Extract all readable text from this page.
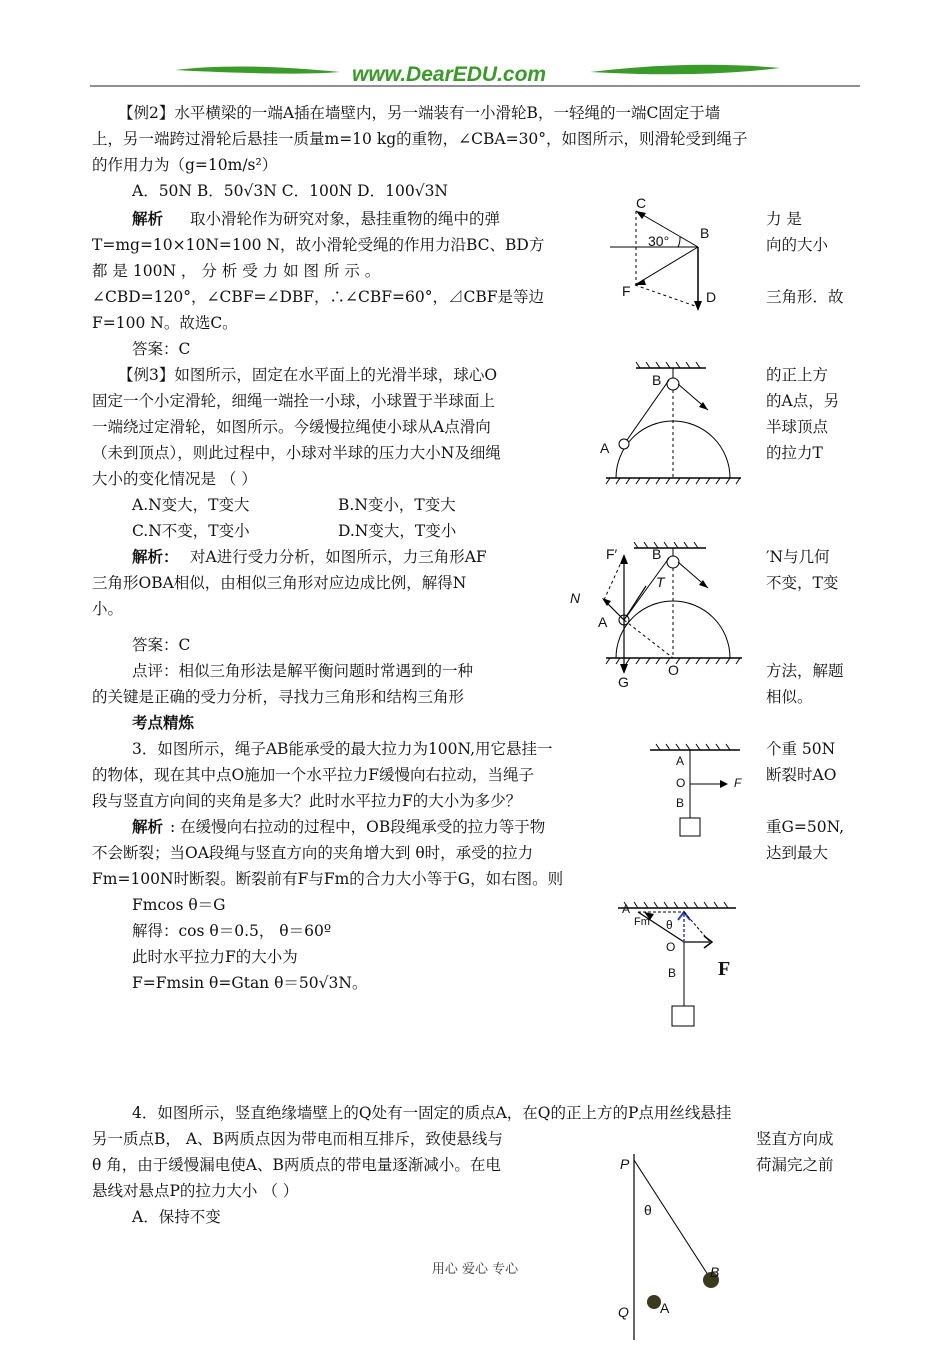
www.DearEDU.com
【例2】水平横梁的一端A插在墙壁内，另一端装有一小滑轮B，一轻绳的一端C固定于墙
上，另一端跨过滑轮后悬挂一质量m=10 kg的重物，∠CBA=30°，如图所示，则滑轮受到绳子
的作用力为（g=10m/s²）
A．50N B．50√3N C．100N D．100√3N
解析 取小滑轮作为研究对象，悬挂重物的绳中的弹	力 是
T=mg=10×10N=100 N，故小滑轮受绳的作用力沿BC、BD方	向的大小
都 是 100N ， 分 析 受 力 如 图 所 示 。
∠CBD=120°，∠CBF=∠DBF，∴∠CBF=60°，⊿CBF是等边	三角形．故
F=100 N。故选C。
答案：C
C
B
30°
F	D
【例3】如图所示，固定在水平面上的光滑半球，球心O	的正上方
固定一个小定滑轮，细绳一端拴一小球，小球置于半球面上	的A点，另
一端绕过定滑轮，如图所示。今缓慢拉绳使小球从A点滑向	半球顶点
（未到顶点），则此过程中，小球对半球的压力大小N及细绳	的拉力T
大小的变化情况是 （ ）
A.N变大，T变大	B.N变小，T变大
C.N不变，T变小	D.N变大，T变小
解析： 对A进行受力分析，如图所示，力三角形AF	′N与几何
三角形OBA相似，由相似三角形对应边成比例，解得N	不变，T变
小。
答案：C
点评：相似三角形法是解平衡问题时常遇到的一种	方法，解题
的关键是正确的受力分析，寻找力三角形和结构三角形	相似。
B
A
F′ B
T
N
A
O
G
考点精炼
3．如图所示，绳子AB能承受的最大拉力为100N,用它悬挂一	个重 50N
的物体，现在其中点O施加一个水平拉力F缓慢向右拉动，当绳子	断裂时AO
段与竖直方向间的夹角是多大？此时水平拉力F的大小为多少？
解析 : 在缓慢向右拉动的过程中，OB段绳承受的拉力等于物	重G=50N,
不会断裂；当OA段绳与竖直方向的夹角增大到 θ时，承受的拉力	达到最大
Fm=100N时断裂。断裂前有F与Fm的合力大小等于G，如右图。则
Fmcos θ＝G
解得：cos θ＝0.5， θ＝60º
此时水平拉力F的大小为
F=Fmsin θ=Gtan θ＝50√3N。
A
O	F
B
A
Fm θ
O
B F
4．如图所示，竖直绝缘墙壁上的Q处有一固定的质点A，在Q的正上方的P点用丝线悬挂
另一质点B， A、B两质点因为带电而相互排斥，致使悬线与	竖直方向成
θ 角，由于缓慢漏电使A、B两质点的带电量逐渐减小。在电	荷漏完之前
悬线对悬点P的拉力大小 （ ）
A．保持不变
P
θ
B
Q A
用心 爱心 专心
